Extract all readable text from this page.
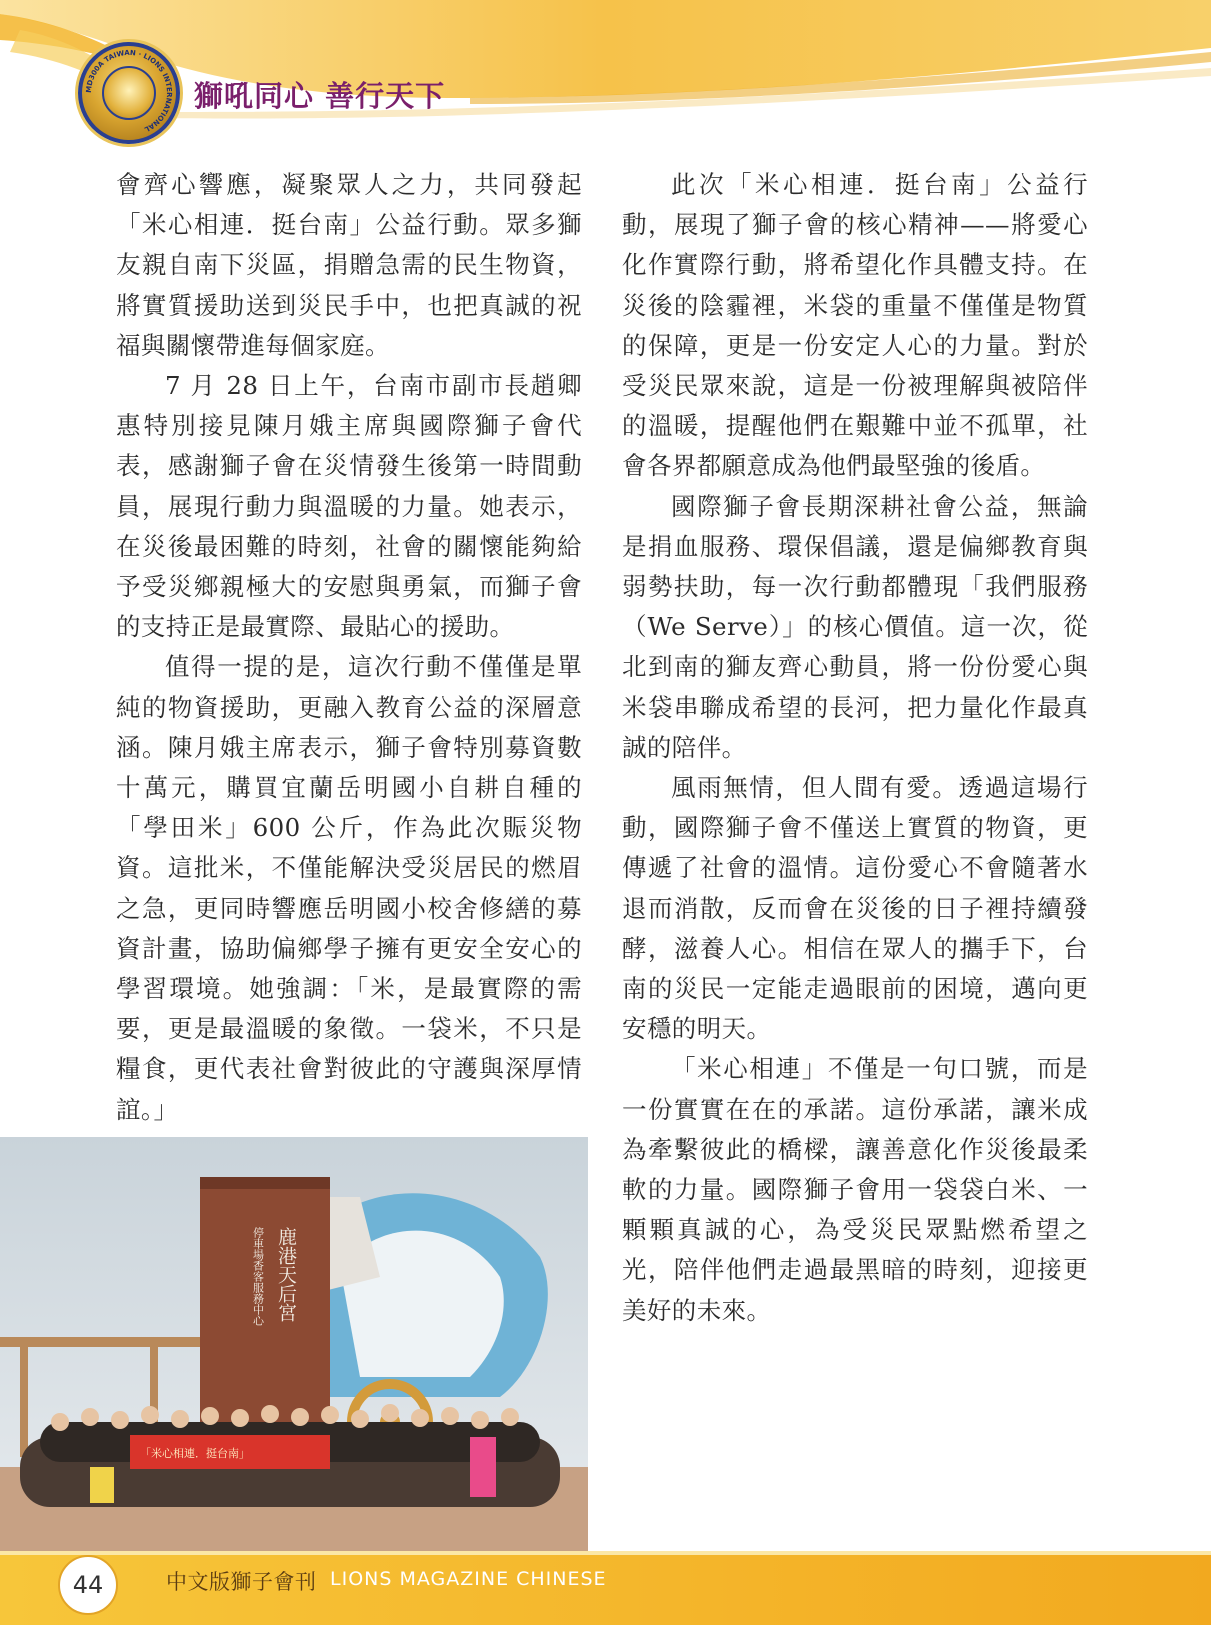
MD300A TAIWAN · LIONS INTERNATIONAL
獅吼同心 善行天下

會齊心響應，凝聚眾人之力，共同發起「米心相連．挺台南」公益行動。眾多獅友親自南下災區，捐贈急需的民生物資，將實質援助送到災民手中，也把真誠的祝福與關懷帶進每個家庭。

7 月 28 日上午，台南市副市長趙卿惠特別接見陳月娥主席與國際獅子會代表，感謝獅子會在災情發生後第一時間動員，展現行動力與溫暖的力量。她表示，在災後最困難的時刻，社會的關懷能夠給予受災鄉親極大的安慰與勇氣，而獅子會的支持正是最實際、最貼心的援助。

值得一提的是，這次行動不僅僅是單純的物資援助，更融入教育公益的深層意涵。陳月娥主席表示，獅子會特別募資數十萬元，購買宜蘭岳明國小自耕自種的「學田米」600 公斤，作為此次賑災物資。這批米，不僅能解決受災居民的燃眉之急，更同時響應岳明國小校舍修繕的募資計畫，協助偏鄉學子擁有更安全安心的學習環境。她強調：「米，是最實際的需要，更是最溫暖的象徵。一袋米，不只是糧食，更代表社會對彼此的守護與深厚情誼。」

此次「米心相連．挺台南」公益行動，展現了獅子會的核心精神——將愛心化作實際行動，將希望化作具體支持。在災後的陰霾裡，米袋的重量不僅僅是物質的保障，更是一份安定人心的力量。對於受災民眾來說，這是一份被理解與被陪伴的溫暖，提醒他們在艱難中並不孤單，社會各界都願意成為他們最堅強的後盾。

國際獅子會長期深耕社會公益，無論是捐血服務、環保倡議，還是偏鄉教育與弱勢扶助，每一次行動都體現「我們服務（We Serve）」的核心價值。這一次，從北到南的獅友齊心動員，將一份份愛心與米袋串聯成希望的長河，把力量化作最真誠的陪伴。

風雨無情，但人間有愛。透過這場行動，國際獅子會不僅送上實質的物資，更傳遞了社會的溫情。這份愛心不會隨著水退而消散，反而會在災後的日子裡持續發酵，滋養人心。相信在眾人的攜手下，台南的災民一定能走過眼前的困境，邁向更安穩的明天。

「米心相連」不僅是一句口號，而是一份實實在在的承諾。這份承諾，讓米成為牽繫彼此的橋樑，讓善意化作災後最柔軟的力量。國際獅子會用一袋袋白米、一顆顆真誠的心，為受災民眾點燃希望之光，陪伴他們走過最黑暗的時刻，迎接更美好的未來。

鹿港天后宮
停車場香客服務中心
「米心相連．挺台南」
44	中文版獅子會刊 LIONS MAGAZINE CHINESE
